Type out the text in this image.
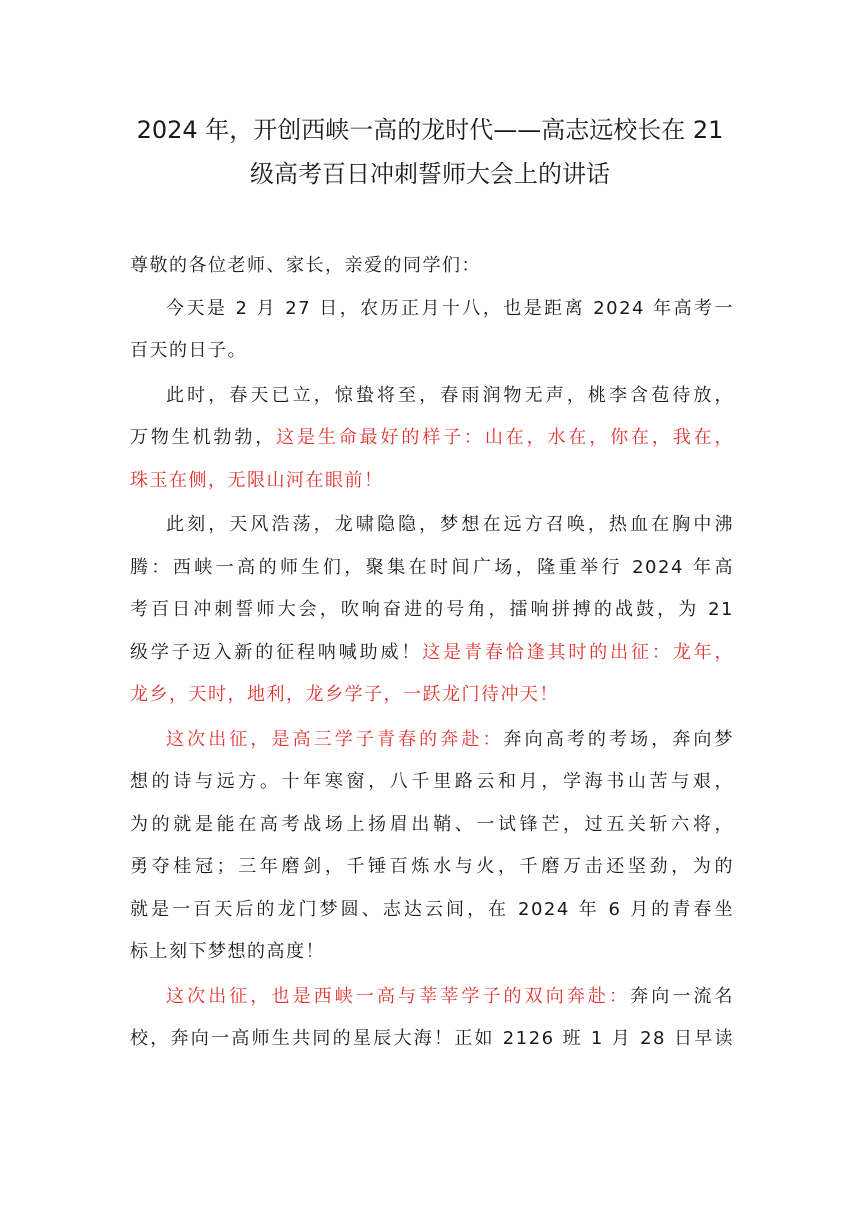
2024 年，开创西峡一高的龙时代——高志远校长在 21
级高考百日冲刺誓师大会上的讲话

尊敬的各位老师、家长，亲爱的同学们：

今天是 2 月 27 日，农历正月十八，也是距离 2024 年高考一
百天的日子。

此时，春天已立，惊蛰将至，春雨润物无声，桃李含苞待放，
万物生机勃勃，这是生命最好的样子：山在，水在，你在，我在，
珠玉在侧，无限山河在眼前！

此刻，天风浩荡，龙啸隐隐，梦想在远方召唤，热血在胸中沸
腾：西峡一高的师生们，聚集在时间广场，隆重举行 2024 年高
考百日冲刺誓师大会，吹响奋进的号角，擂响拼搏的战鼓，为 21
级学子迈入新的征程呐喊助威！这是青春恰逢其时的出征：龙年，
龙乡，天时，地利，龙乡学子，一跃龙门待冲天！

这次出征，是高三学子青春的奔赴：奔向高考的考场，奔向梦
想的诗与远方。十年寒窗，八千里路云和月，学海书山苦与艰，
为的就是能在高考战场上扬眉出鞘、一试锋芒，过五关斩六将，
勇夺桂冠；三年磨剑，千锤百炼水与火，千磨万击还坚劲，为的
就是一百天后的龙门梦圆、志达云间，在 2024 年 6 月的青春坐
标上刻下梦想的高度！

这次出征，也是西峡一高与莘莘学子的双向奔赴：奔向一流名
校，奔向一高师生共同的星辰大海！正如 2126 班 1 月 28 日早读
